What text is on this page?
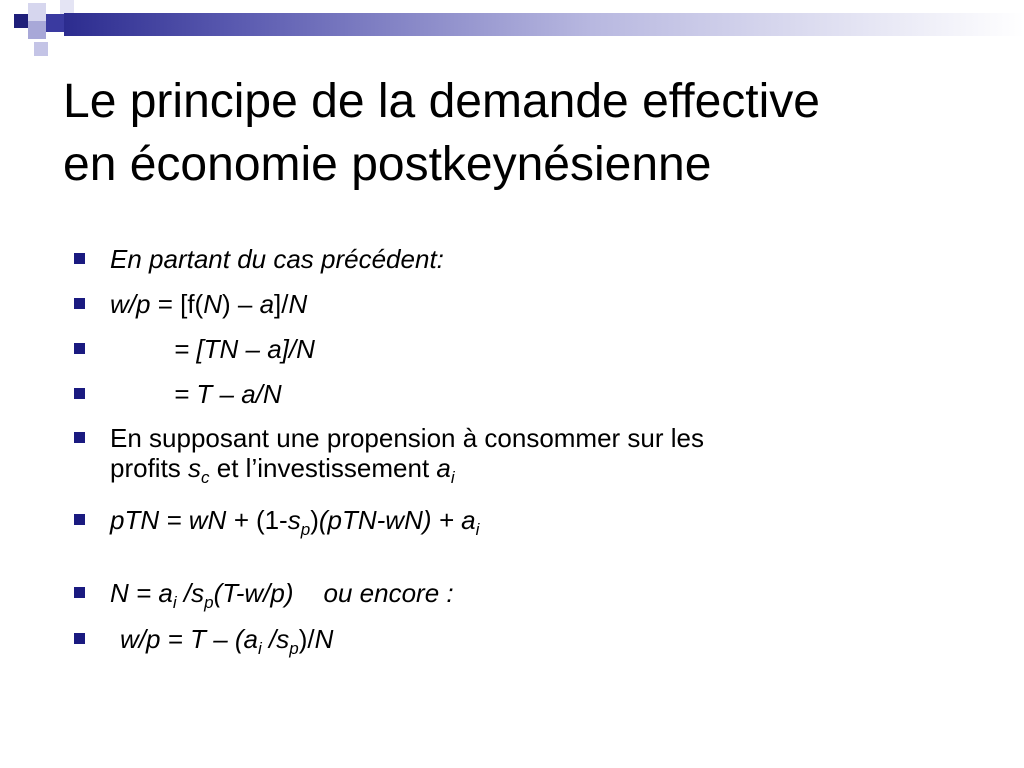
Le principe de la demande effective
en économie postkeynésienne
En partant du cas précédent:
w/p = [f(N) – a]/N
= [TN – a]/N
= T – a/N
En supposant une propension à consommer sur les
profits $s_c$ et l’investissement $a_i$
pTN = wN + $(1-s_p)(pTN-wN) + a_i$
$N = a_i$ $/s_p(T-w/p)$ ou encore :
$w/p = T - (a_i$ $/s_p)/N$
